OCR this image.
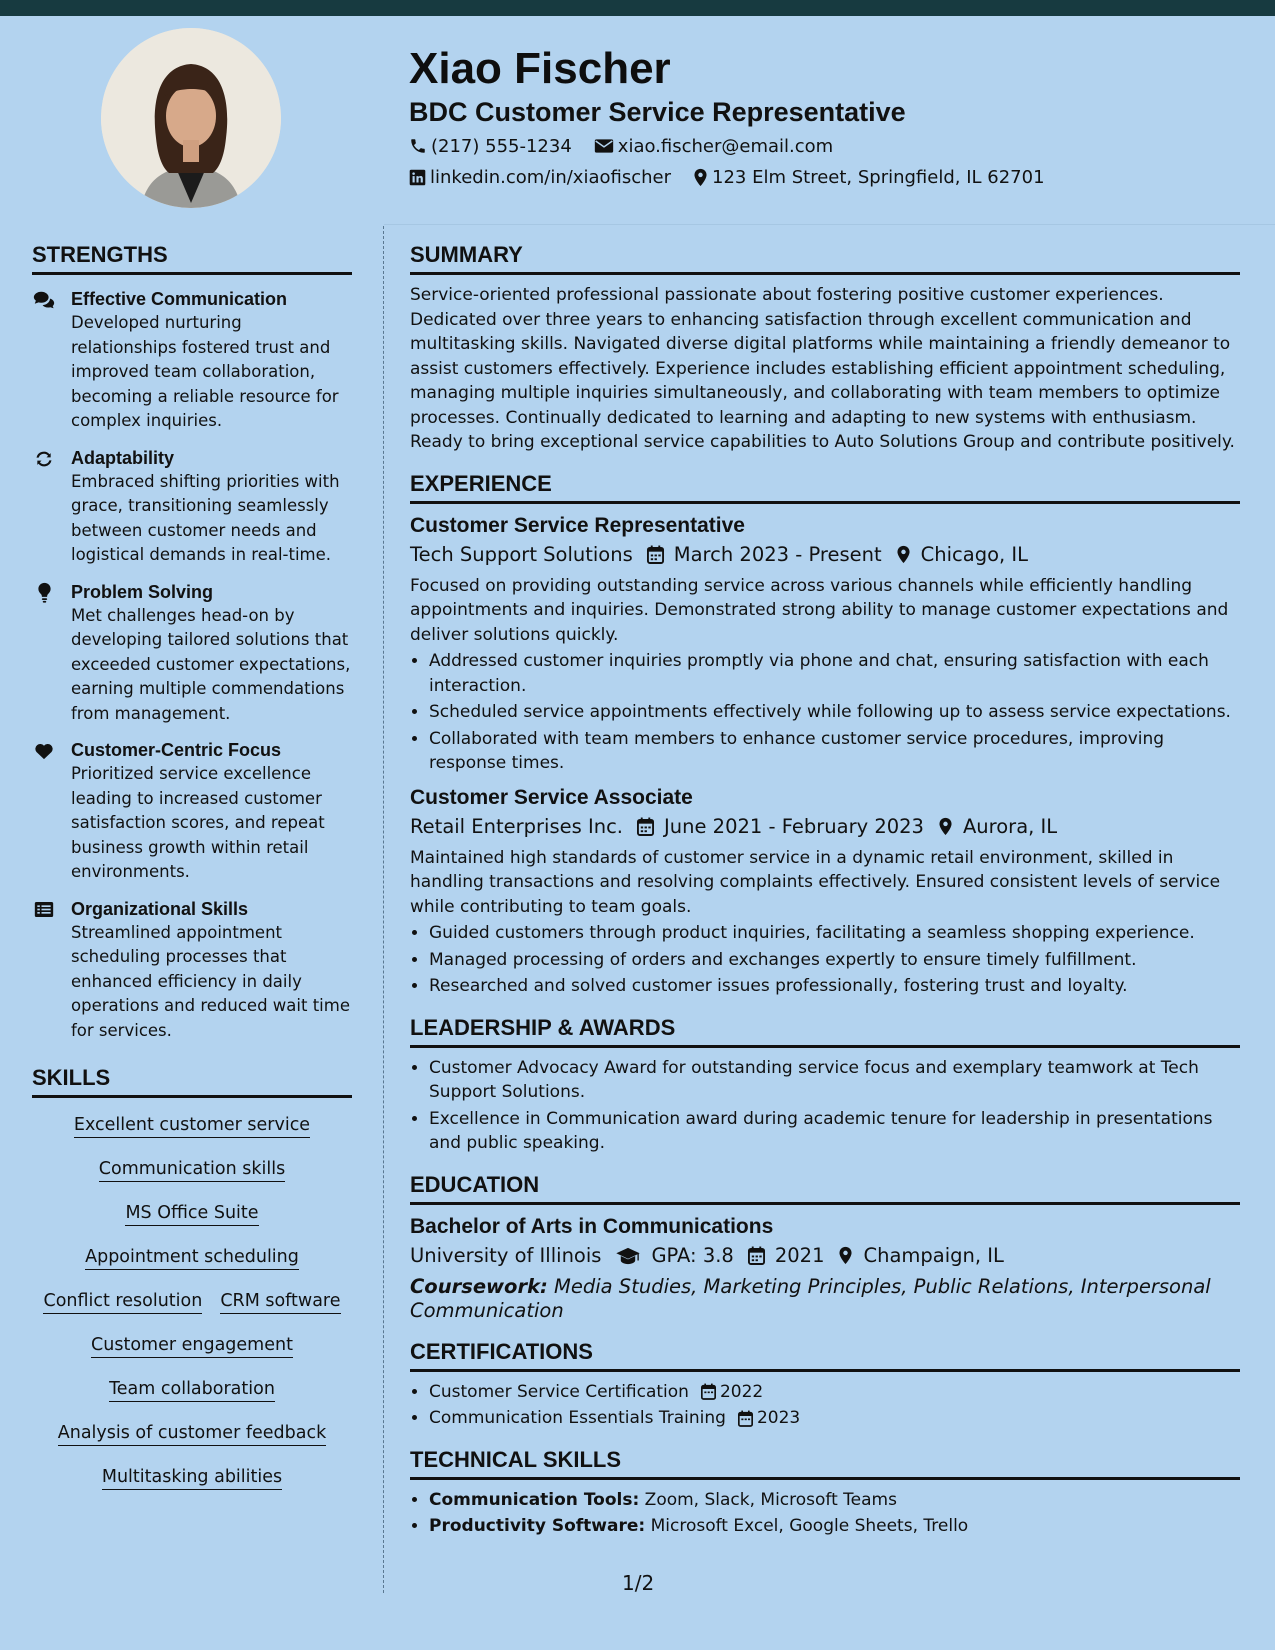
Xiao Fischer
BDC Customer Service Representative
(217) 555-1234	xiao.fischer@email.com
linkedin.com/in/xiaofischer 123 Elm Street, Springfield, IL 62701
STRENGTHS
Effective Communication
Developed nurturing relationships fostered trust and improved team collaboration, becoming a reliable resource for complex inquiries.
Adaptability
Embraced shifting priorities with grace, transitioning seamlessly between customer needs and logistical demands in real-time.
Problem Solving
Met challenges head-on by developing tailored solutions that exceeded customer expectations, earning multiple commendations from management.
Customer-Centric Focus
Prioritized service excellence leading to increased customer satisfaction scores, and repeat business growth within retail environments.
Organizational Skills
Streamlined appointment scheduling processes that enhanced efficiency in daily operations and reduced wait time for services.
SKILLS
Excellent customer service
Communication skills
MS Office Suite
Appointment scheduling
Conflict resolution CRM software
Customer engagement
Team collaboration
Analysis of customer feedback
Multitasking abilities
SUMMARY

Service-oriented professional passionate about fostering positive customer experiences. Dedicated over three years to enhancing satisfaction through excellent communication and multitasking skills. Navigated diverse digital platforms while maintaining a friendly demeanor to assist customers effectively. Experience includes establishing efficient appointment scheduling, managing multiple inquiries simultaneously, and collaborating with team members to optimize processes. Continually dedicated to learning and adapting to new systems with enthusiasm. Ready to bring exceptional service capabilities to Auto Solutions Group and contribute positively.

EXPERIENCE
Customer Service Representative
Tech Support Solutions March 2023 - Present Chicago, IL
Focused on providing outstanding service across various channels while efficiently handling appointments and inquiries. Demonstrated strong ability to manage customer expectations and deliver solutions quickly.
• Addressed customer inquiries promptly via phone and chat, ensuring satisfaction with each interaction.
• Scheduled service appointments effectively while following up to assess service expectations.
• Collaborated with team members to enhance customer service procedures, improving response times.
Customer Service Associate
Retail Enterprises Inc. June 2021 - February 2023 Aurora, IL
Maintained high standards of customer service in a dynamic retail environment, skilled in handling transactions and resolving complaints effectively. Ensured consistent levels of service while contributing to team goals.
• Guided customers through product inquiries, facilitating a seamless shopping experience.
• Managed processing of orders and exchanges expertly to ensure timely fulfillment.
• Researched and solved customer issues professionally, fostering trust and loyalty.
LEADERSHIP & AWARDS
• Customer Advocacy Award for outstanding service focus and exemplary teamwork at Tech Support Solutions.
• Excellence in Communication award during academic tenure for leadership in presentations and public speaking.
EDUCATION
Bachelor of Arts in Communications
University of Illinois	GPA: 3.8 2021 Champaign, IL
Coursework: Media Studies, Marketing Principles, Public Relations, Interpersonal Communication
CERTIFICATIONS
• Customer Service Certification 2022
• Communication Essentials Training 2023
TECHNICAL SKILLS
• Communication Tools: Zoom, Slack, Microsoft Teams
• Productivity Software: Microsoft Excel, Google Sheets, Trello
1/2
